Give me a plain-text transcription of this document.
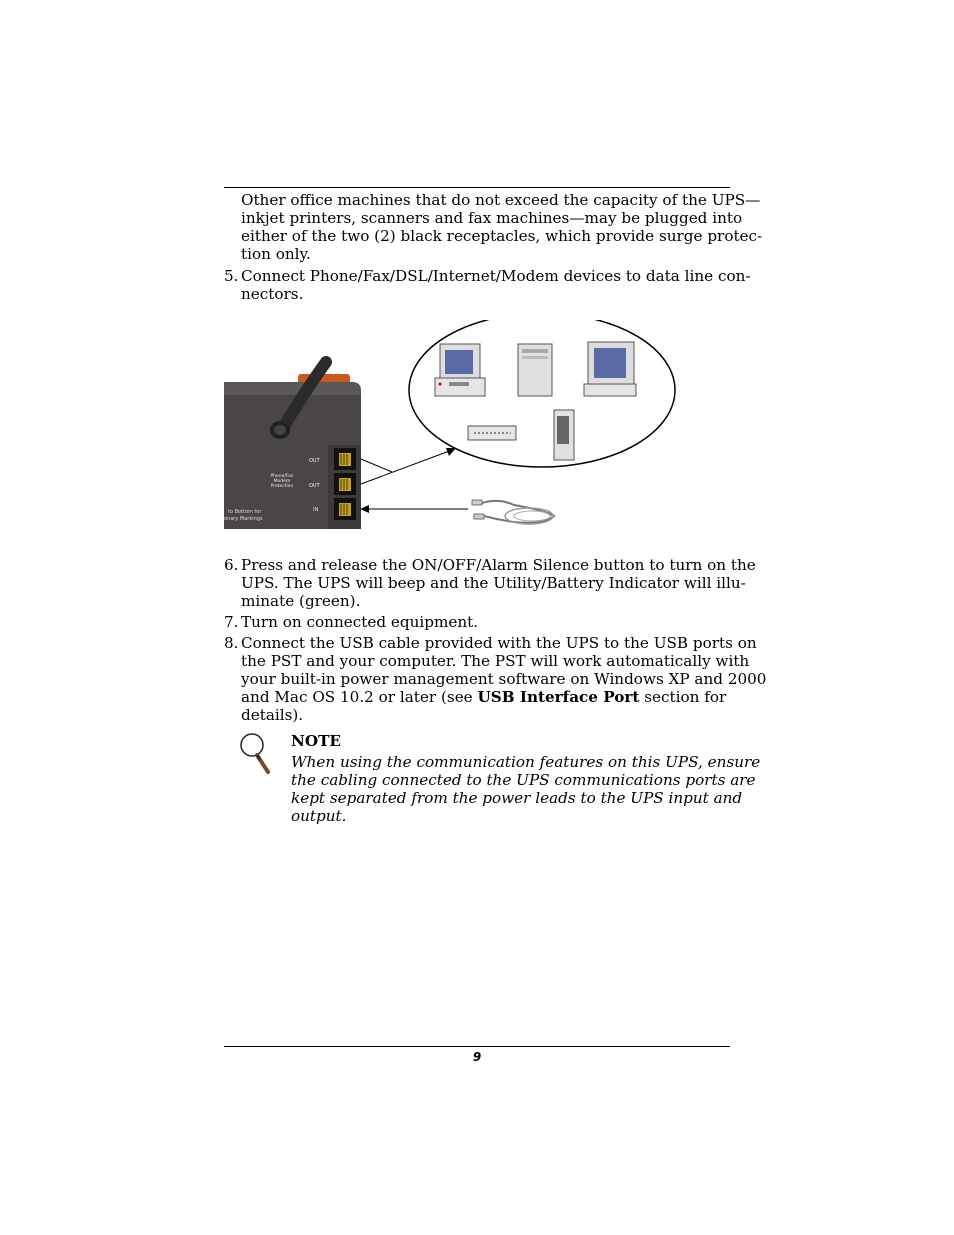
Other office machines that do not exceed the capacity of the UPS—

inkjet printers, scanners and fax machines—may be plugged into

either of the two (2) black receptacles, which provide surge protec-

tion only.

5. Connect Phone/Fax/DSL/Internet/Modem devices to data line con-

nectors.

OUT
OUT
IN
Phone/Fax
Modem
Protection
to Bottom for
onary Markings
6. Press and release the ON/OFF/Alarm Silence button to turn on the

UPS. The UPS will beep and the Utility/Battery Indicator will illu-

minate (green).

7. Turn on connected equipment.

8. Connect the USB cable provided with the UPS to the USB ports on

the PST and your computer. The PST will work automatically with

your built-in power management software on Windows XP and 2000

and Mac OS 10.2 or later (see USB Interface Port section for

details).

NOTE
When using the communication features on this UPS, ensure
the cabling connected to the UPS communications ports are
kept separated from the power leads to the UPS input and
output.
9
